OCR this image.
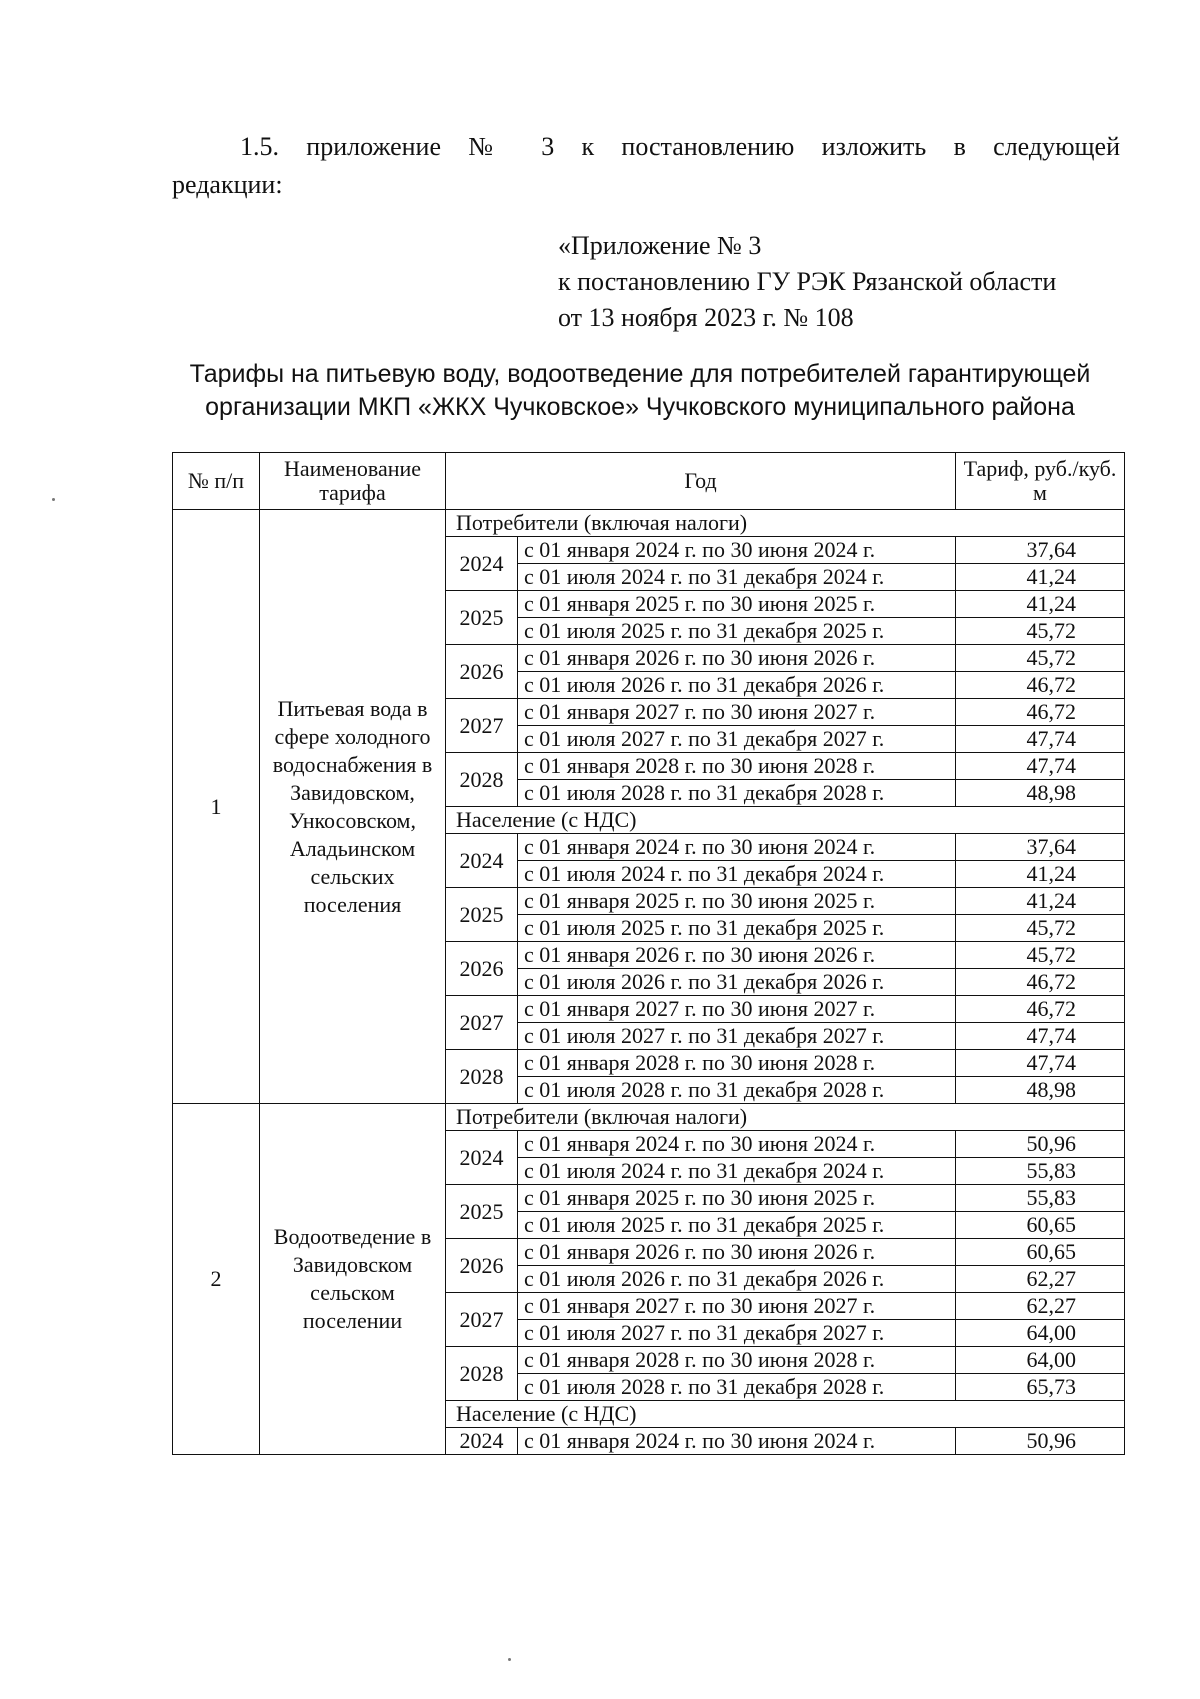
1.5. приложение № 3 к постановлению изложить в следующей
редакции:
«Приложение № 3
к постановлению ГУ РЭК Рязанской области
от 13 ноября 2023 г. № 108
Тарифы на питьевую воду, водоотведение для потребителей гарантирующей
организации МКП «ЖКХ Чучковское» Чучковского муниципального района
№ п/п	Наименование тарифа	Год		Тариф, руб./куб. м
1	Питьевая вода в сфере холодного водоснабжения в Завидовском, Ункосовском, Аладьинском сельских поселения	Потребители (включая налоги)		
		2024	с 01 января 2024 г. по 30 июня 2024 г.	37,64
			с 01 июля 2024 г. по 31 декабря 2024 г.	41,24
		2025	с 01 января 2025 г. по 30 июня 2025 г.	41,24
			с 01 июля 2025 г. по 31 декабря 2025 г.	45,72
		2026	с 01 января 2026 г. по 30 июня 2026 г.	45,72
			с 01 июля 2026 г. по 31 декабря 2026 г.	46,72
		2027	с 01 января 2027 г. по 30 июня 2027 г.	46,72
			с 01 июля 2027 г. по 31 декабря 2027 г.	47,74
		2028	с 01 января 2028 г. по 30 июня 2028 г.	47,74
			с 01 июля 2028 г. по 31 декабря 2028 г.	48,98
		Население (с НДС)		
		2024	с 01 января 2024 г. по 30 июня 2024 г.	37,64
			с 01 июля 2024 г. по 31 декабря 2024 г.	41,24
		2025	с 01 января 2025 г. по 30 июня 2025 г.	41,24
			с 01 июля 2025 г. по 31 декабря 2025 г.	45,72
		2026	с 01 января 2026 г. по 30 июня 2026 г.	45,72
			с 01 июля 2026 г. по 31 декабря 2026 г.	46,72
		2027	с 01 января 2027 г. по 30 июня 2027 г.	46,72
			с 01 июля 2027 г. по 31 декабря 2027 г.	47,74
		2028	с 01 января 2028 г. по 30 июня 2028 г.	47,74
			с 01 июля 2028 г. по 31 декабря 2028 г.	48,98
2	Водоотведение в Завидовском сельском поселении	Потребители (включая налоги)		
		2024	с 01 января 2024 г. по 30 июня 2024 г.	50,96
			с 01 июля 2024 г. по 31 декабря 2024 г.	55,83
		2025	с 01 января 2025 г. по 30 июня 2025 г.	55,83
			с 01 июля 2025 г. по 31 декабря 2025 г.	60,65
		2026	с 01 января 2026 г. по 30 июня 2026 г.	60,65
			с 01 июля 2026 г. по 31 декабря 2026 г.	62,27
		2027	с 01 января 2027 г. по 30 июня 2027 г.	62,27
			с 01 июля 2027 г. по 31 декабря 2027 г.	64,00
		2028	с 01 января 2028 г. по 30 июня 2028 г.	64,00
			с 01 июля 2028 г. по 31 декабря 2028 г.	65,73
		Население (с НДС)		
		2024	с 01 января 2024 г. по 30 июня 2024 г.	50,96
